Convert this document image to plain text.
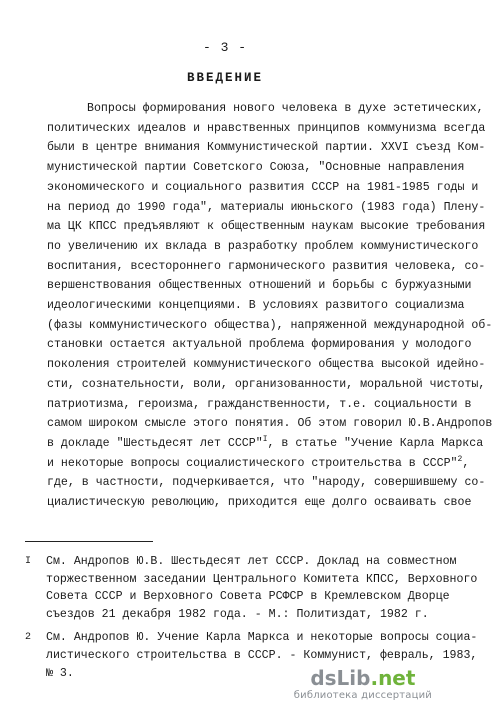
- 3 -
ВВЕДЕНИЕ
Вопросы формирования нового человека в духе эстетических,
политических идеалов и нравственных принципов коммунизма всегда
были в центре внимания Коммунистической партии. XXVI съезд Ком-
мунистической партии Советского Союза, "Основные направления
экономического и социального развития СССР на 1981-1985 годы и
на период до 1990 года", материалы июньского (1983 года) Плену-
ма ЦК КПСС предъявляют к общественным наукам высокие требования
по увеличению их вклада в разработку проблем коммунистического
воспитания, всестороннего гармонического развития человека, со-
вершенствования общественных отношений и борьбы с буржуазными
идеологическими концепциями. В условиях развитого социализма
(фазы коммунистического общества), напряженной международной об-
становки остается актуальной проблема формирования у молодого
поколения строителей коммунистического общества высокой идейно-
сти, сознательности, воли, организованности, моральной чистоты,
патриотизма, героизма, гражданственности, т.е. социальности в
самом широком смысле этого понятия. Об этом говорил Ю.В.Андропов
в докладе "Шестьдесят лет СССР"$^I$, в статье "Учение Карла Маркса
и некоторые вопросы социалистического строительства в СССР"$^2$,
где, в частности, подчеркивается, что "народу, совершившему со-
циалистическую революцию, приходится еще долго осваивать свое
I См. Андропов Ю.В. Шестьдесят лет СССР. Доклад на совместном
торжественном заседании Центрального Комитета КПСС, Верховного
Совета СССР и Верховного Совета РСФСР в Кремлевском Дворце
съездов 21 декабря 1982 года. - М.: Политиздат, 1982 г.
2 См. Андропов Ю. Учение Карла Маркса и некоторые вопросы социа-
листического строительства в СССР. - Коммунист, февраль, 1983,
№ 3.	dsLib.net
библиотека диссертаций
